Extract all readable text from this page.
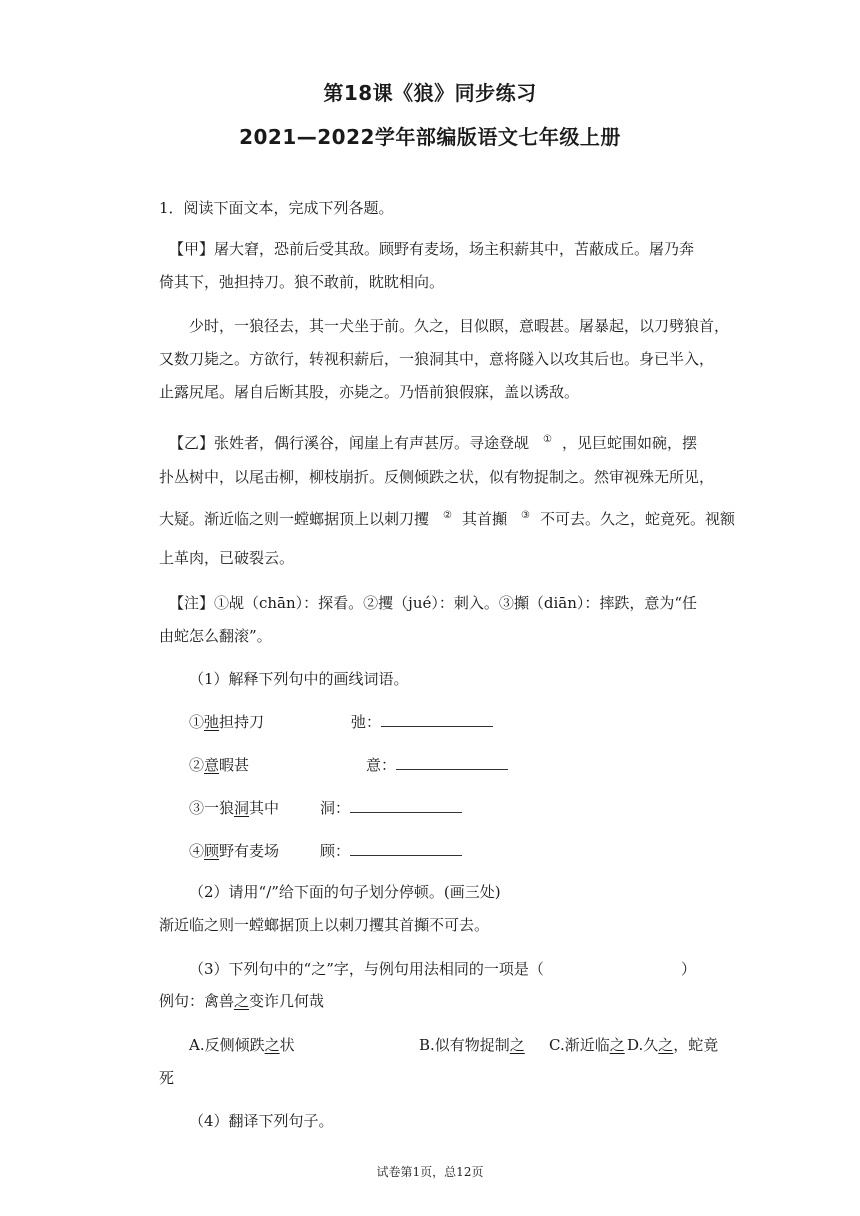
第18课《狼》同步练习
2021—2022学年部编版语文七年级上册
1．阅读下面文本，完成下列各题。
【甲】屠大窘，恐前后受其敌。顾野有麦场，场主积薪其中，苫蔽成丘。屠乃奔
倚其下，弛担持刀。狼不敢前，眈眈相向。
少时，一狼径去，其一犬坐于前。久之，目似瞑，意暇甚。屠暴起，以刀劈狼首，
又数刀毙之。方欲行，转视积薪后，一狼洞其中，意将隧入以攻其后也。身已半入，
止露尻尾。屠自后断其股，亦毙之。乃悟前狼假寐，盖以诱敌。
【乙】张姓者，偶行溪谷，闻崖上有声甚厉。寻途登觇 ① ，见巨蛇围如碗，摆
扑丛树中，以尾击柳，柳枝崩折。反侧倾跌之状，似有物捉制之。然审视殊无所见，
大疑。渐近临之则一螳螂据顶上以刺刀攫 ② 其首攧 ③ 不可去。久之，蛇竟死。视额
上革肉，已破裂云。
【注】①觇（chān）：探看。②攫（jué）：刺入。③攧（diān）：摔跌，意为“任
由蛇怎么翻滚”。
（1）解释下列句中的画线词语。
①弛担持刀	弛：
②意暇甚	意：
③一狼洞其中	洞：
④顾野有麦场	顾：
（2）请用“/”给下面的句子划分停顿。(画三处)
渐近临之则一螳螂据顶上以刺刀攫其首攧不可去。
（3）下列句中的“之”字，与例句用法相同的一项是（	）
例句：禽兽之变诈几何哉
A.反侧倾跌之状	B.似有物捉制之 C.渐近临之 D.久之，蛇竟
死
（4）翻译下列句子。
试卷第1页，总12页
